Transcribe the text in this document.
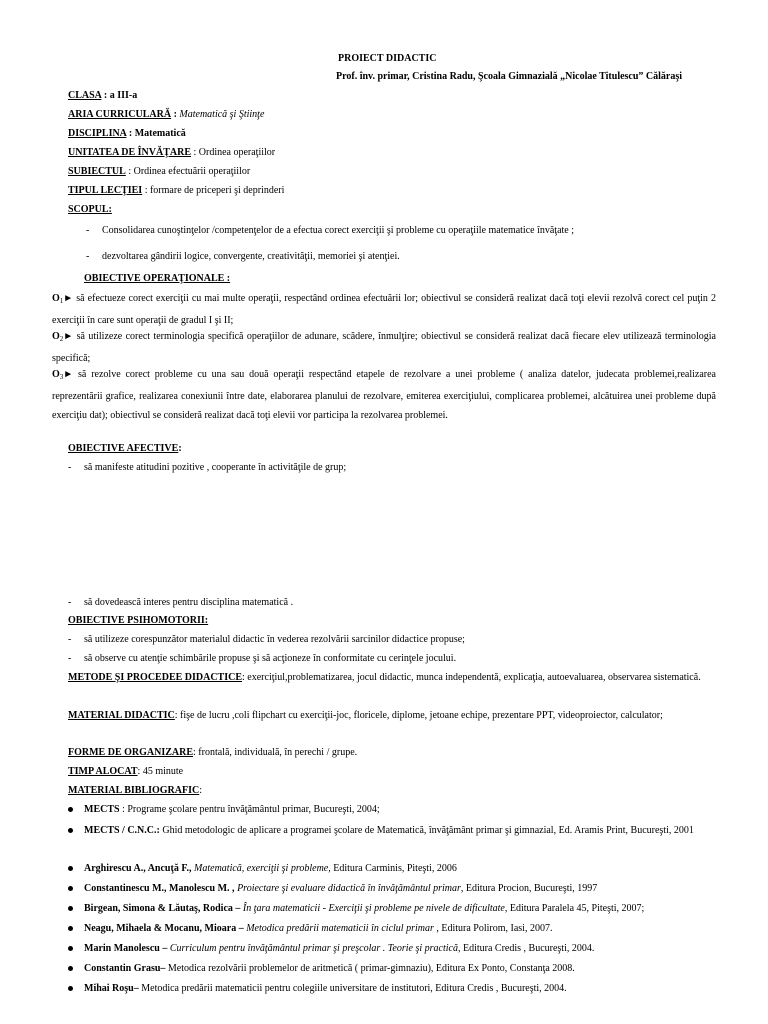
PROIECT DIDACTIC
Prof. înv. primar, Cristina Radu, Şcoala Gimnazială „Nicolae Titulescu” Călăraşi
CLASA : a III-a
ARIA CURRICULARĂ : Matematică şi Ştiinţe
DISCIPLINA : Matematică
UNITATEA DE ÎNVĂŢARE : Ordinea operaţiilor
SUBIECTUL : Ordinea efectuării operaţiilor
TIPUL LECŢIEI : formare de priceperi şi deprinderi
SCOPUL:
- Consolidarea cunoştinţelor /competenţelor de a efectua corect exerciţii şi probleme cu operaţiile matematice învăţate ;
- dezvoltarea gândirii logice, convergente, creativităţii, memoriei şi atenţiei.
OBIECTIVE OPERAŢIONALE :
$O_1►$ să efectueze corect exerciţii cu mai multe operaţii, respectând ordinea efectuării lor; obiectivul se consideră realizat dacă toţi elevii rezolvă corect cel puţin 2 exerciţii în care sunt operaţii de gradul I şi II;
$O_2►$ să utilizeze corect terminologia specifică operaţiilor de adunare, scădere, înmulţire; obiectivul se consideră realizat dacă fiecare elev utilizează terminologia specifică;
$O_3►$ să rezolve corect probleme cu una sau două operaţii respectând etapele de rezolvare a unei probleme ( analiza datelor, judecata problemei,realizarea reprezentării grafice, realizarea conexiunii între date, elaborarea planului de rezolvare, emiterea exerciţiului, complicarea problemei, alcătuirea unei probleme după exerciţiu dat); obiectivul se consideră realizat dacă toţi elevii vor participa la rezolvarea problemei.
OBIECTIVE AFECTIVE:
- să manifeste atitudini pozitive , cooperante în activităţile de grup;
- să dovedească interes pentru disciplina matematică .
OBIECTIVE PSIHOMOTORII:
- să utilizeze corespunzător materialul didactic în vederea rezolvării sarcinilor didactice propuse;
- să observe cu atenţie schimbările propuse şi să acţioneze în conformitate cu cerinţele jocului.
METODE ŞI PROCEDEE DIDACTICE: exerciţiul,problematizarea, jocul didactic, munca independentă, explicaţia, autoevaluarea, observarea sistematică.
MATERIAL DIDACTIC: fişe de lucru ,coli flipchart cu exerciţii-joc, floricele, diplome, jetoane echipe, prezentare PPT, videoproiector, calculator;
FORME DE ORGANIZARE: frontală, individuală, în perechi / grupe.
TIMP ALOCAT: 45 minute
MATERIAL BIBLIOGRAFIC:
MECTS : Programe şcolare pentru învăţământul primar, Bucureşti, 2004;
MECTS / C.N.C.: Ghid metodologic de aplicare a programei şcolare de Matematică, învăţământ primar şi gimnazial, Ed. Aramis Print, Bucureşti, 2001
Arghirescu A., Ancuţă F., Matematică, exerciţii şi probleme, Editura Carminis, Piteşti, 2006
Constantinescu M., Manolescu M. , Proiectare şi evaluare didactică în învăţământul primar, Editura Procion, Bucureşti, 1997
Birgean, Simona & Lăutaş, Rodica – În ţara matematicii - Exerciţii şi probleme pe nivele de dificultate, Editura Paralela 45, Piteşti, 2007;
Neagu, Mihaela & Mocanu, Mioara – Metodica predării matematicii în ciclul primar , Editura Polirom, Iasi, 2007.
Marin Manolescu – Curriculum pentru învăţământul primar şi preşcolar . Teorie şi practică, Editura Credis , Bucureşti, 2004.
Constantin Grasu– Metodica rezolvării problemelor de aritmetică ( primar-gimnaziu), Editura Ex Ponto, Constanţa 2008.
Mihai Roşu– Metodica predării matematicii pentru colegiile universitare de institutori, Editura Credis , Bucureşti, 2004.
